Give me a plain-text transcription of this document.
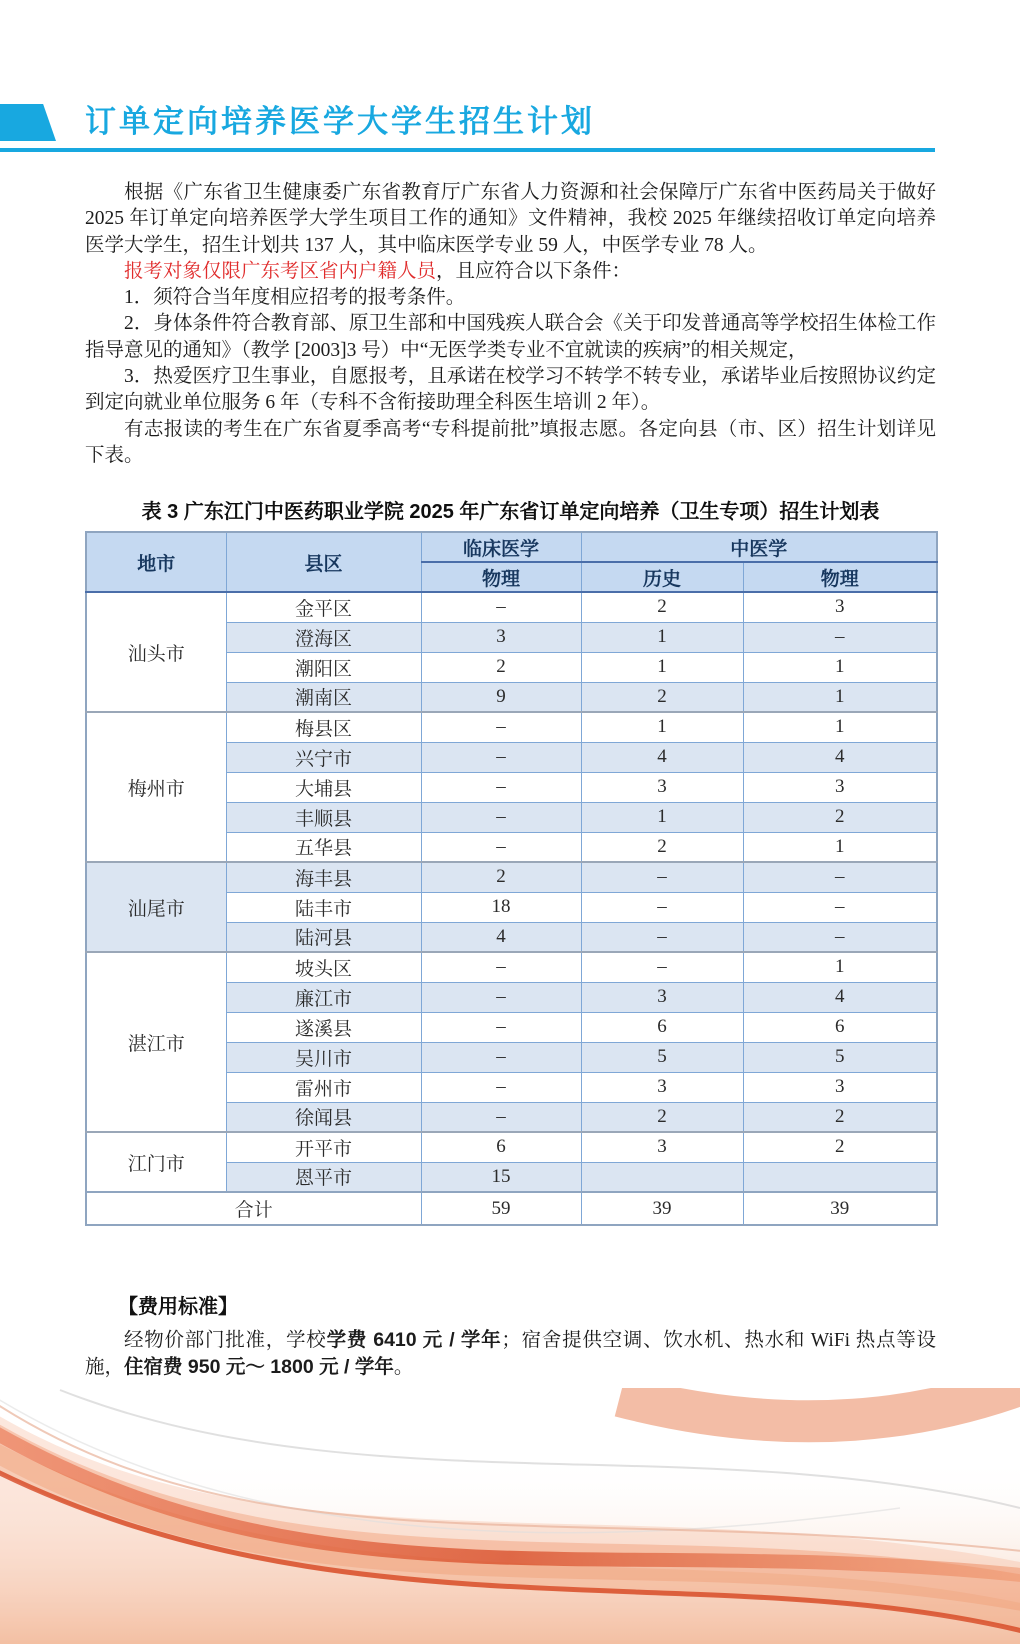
订单定向培养医学大学生招生计划

根据《广东省卫生健康委广东省教育厅广东省人力资源和社会保障厅广东省中医药局关于做好 2025 年订单定向培养医学大学生项目工作的通知》文件精神，我校 2025 年继续招收订单定向培养医学大学生，招生计划共 137 人，其中临床医学专业 59 人，中医学专业 78 人。

报考对象仅限广东考区省内户籍人员，且应符合以下条件：

1．须符合当年度相应招考的报考条件。

2．身体条件符合教育部、原卫生部和中国残疾人联合会《关于印发普通高等学校招生体检工作指导意见的通知》（教学 [2003]3 号）中“无医学类专业不宜就读的疾病”的相关规定，

3．热爱医疗卫生事业，自愿报考，且承诺在校学习不转学不转专业，承诺毕业后按照协议约定到定向就业单位服务 6 年（专科不含衔接助理全科医生培训 2 年）。

有志报读的考生在广东省夏季高考“专科提前批”填报志愿。各定向县（市、区）招生计划详见下表。

表 3 广东江门中医药职业学院 2025 年广东省订单定向培养（卫生专项）招生计划表
地市	县区	临床医学	中医学	
		物理	历史	物理
汕头市	金平区	–	2	3
	澄海区	3	1	–
	潮阳区	2	1	1
	潮南区	9	2	1
梅州市	梅县区	–	1	1
	兴宁市	–	4	4
	大埔县	–	3	3
	丰顺县	–	1	2
	五华县	–	2	1
汕尾市	海丰县	2	–	–
	陆丰市	18	–	–
	陆河县	4	–	–
湛江市	坡头区	–	–	1
	廉江市	–	3	4
	遂溪县	–	6	6
	吴川市	–	5	5
	雷州市	–	3	3
	徐闻县	–	2	2
江门市	开平市	6	3	2
	恩平市	15		
合计		59	39	39
【费用标准】

经物价部门批准，学校学费 6410 元 / 学年；宿舍提供空调、饮水机、热水和 WiFi 热点等设施，住宿费 950 元～ 1800 元 / 学年。
